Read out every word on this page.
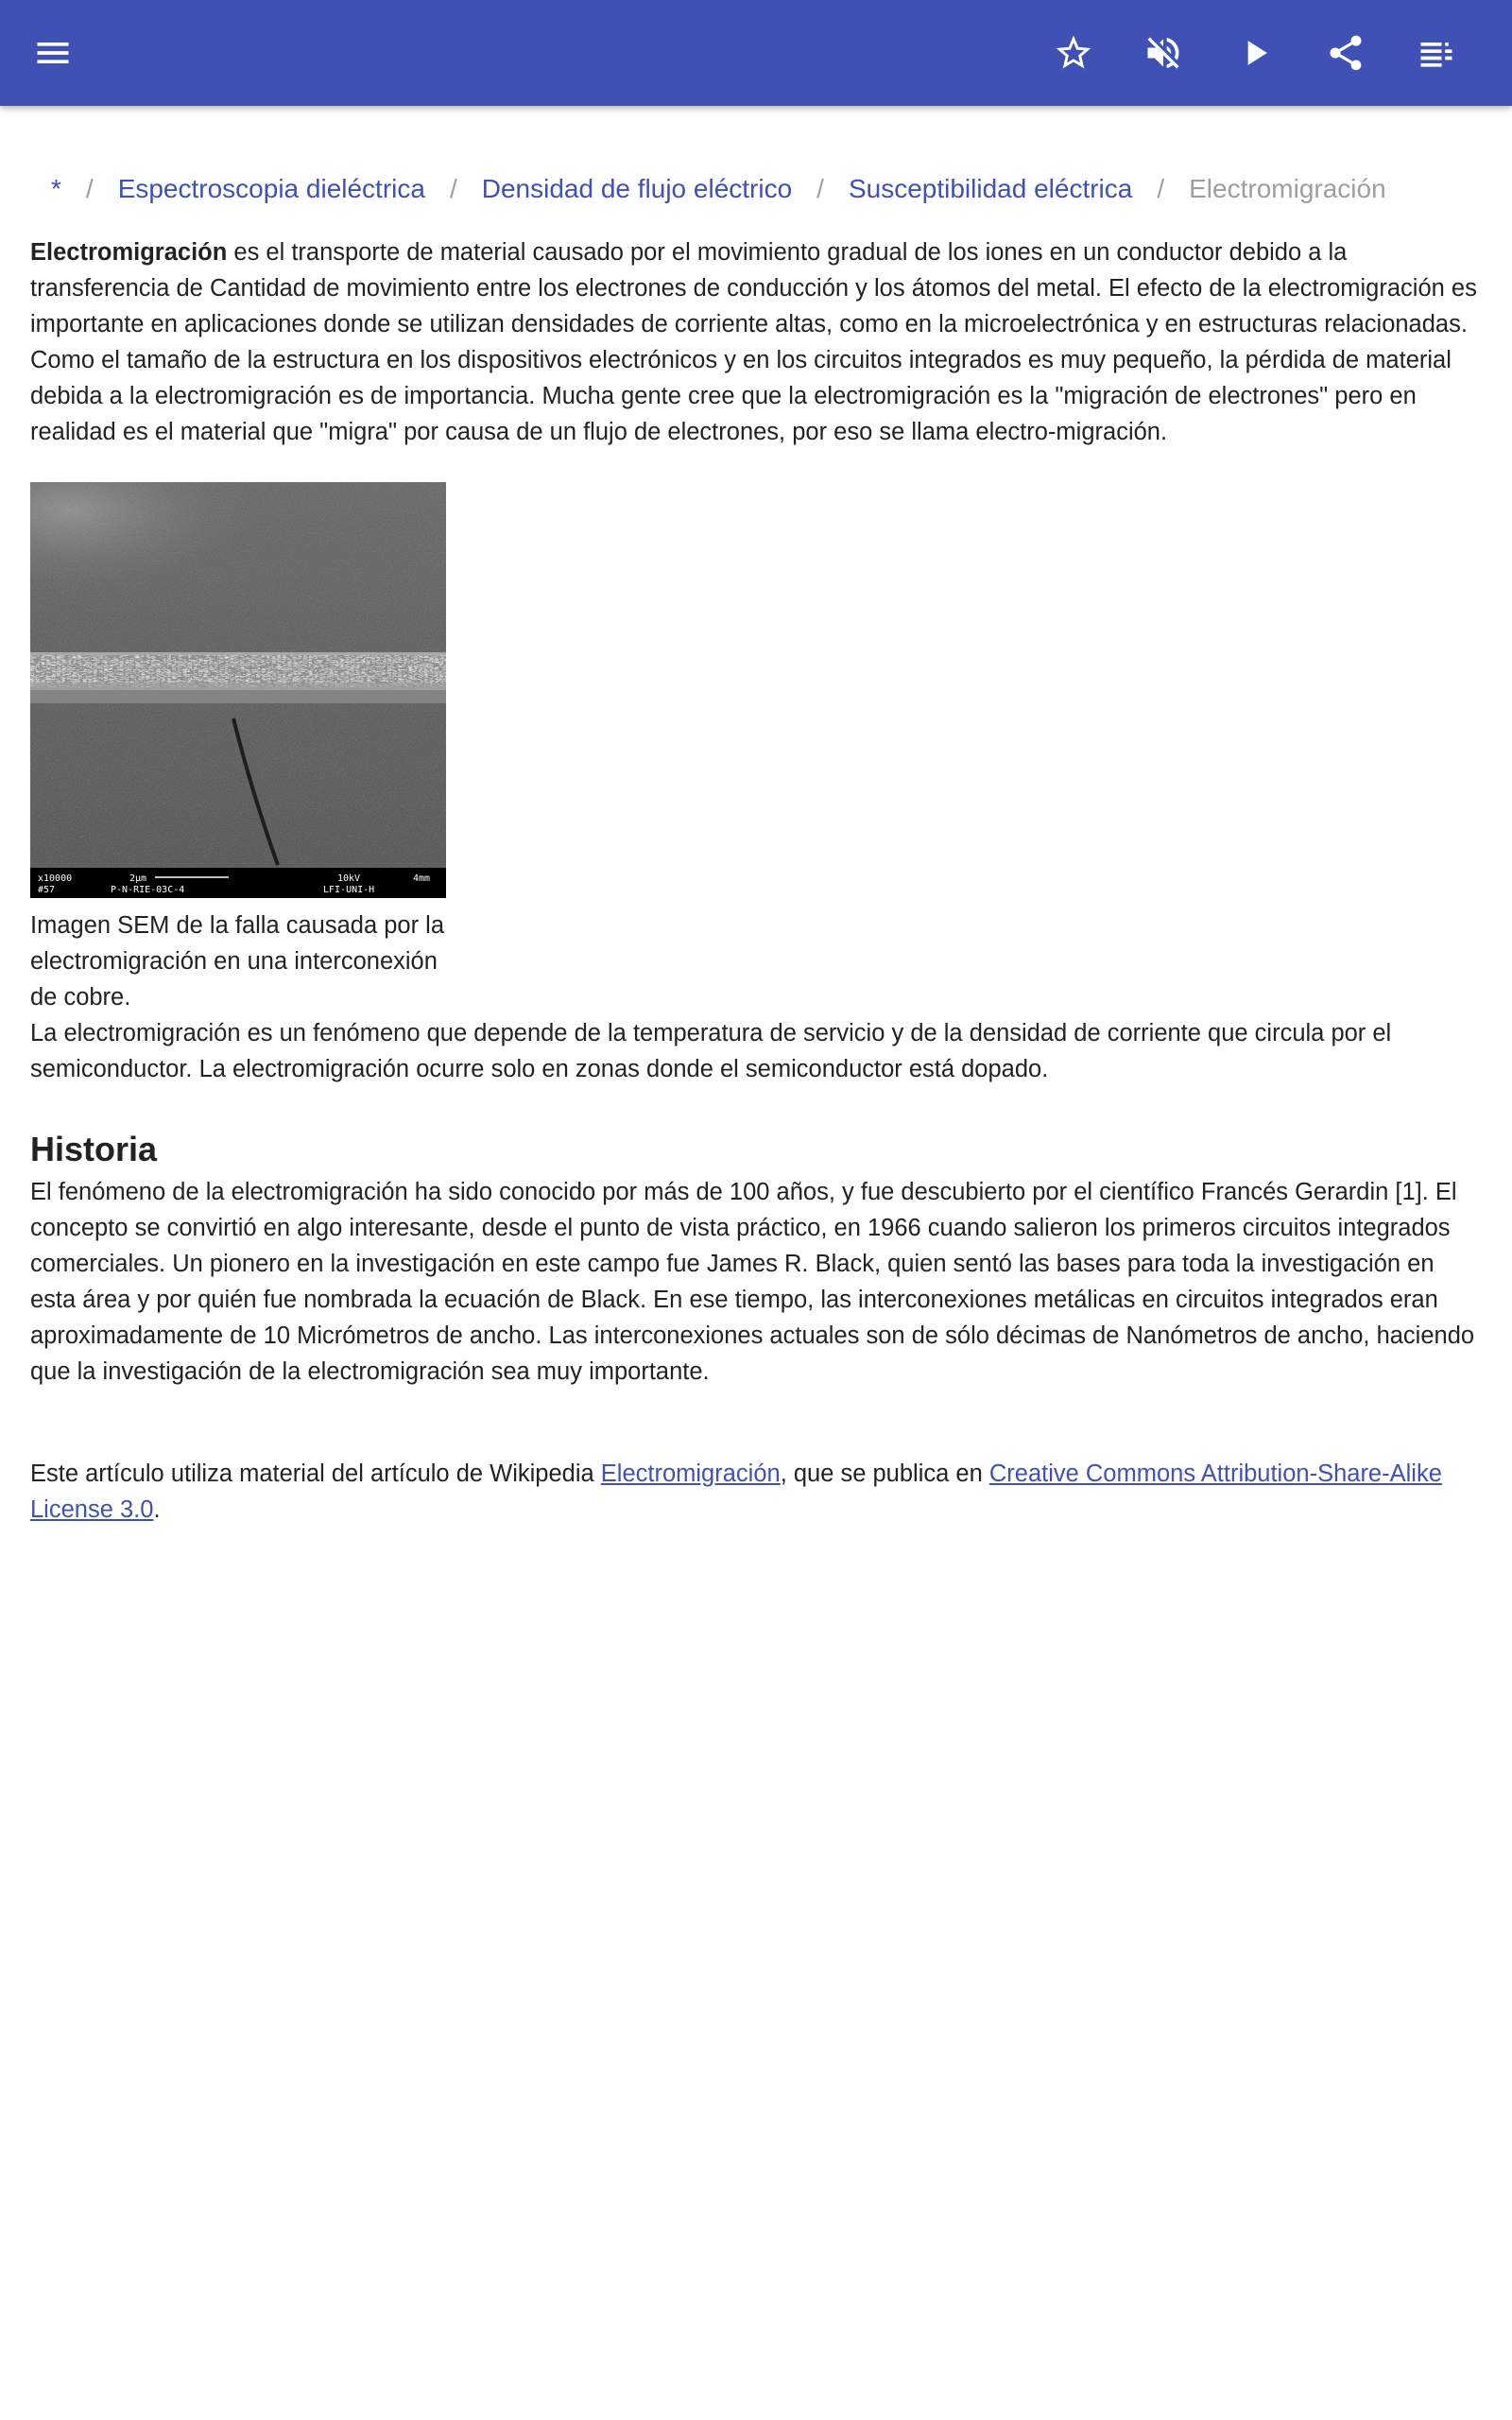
* / Espectroscopia dieléctrica / Densidad de flujo eléctrico / Susceptibilidad eléctrica / Electromigración

Electromigración es el transporte de material causado por el movimiento gradual de los iones en un conductor debido a la transferencia de Cantidad de movimiento entre los electrones de conducción y los átomos del metal. El efecto de la electromigración es importante en aplicaciones donde se utilizan densidades de corriente altas, como en la microelectrónica y en estructuras relacionadas. Como el tamaño de la estructura en los dispositivos electrónicos y en los circuitos integrados es muy pequeño, la pérdida de material debida a la electromigración es de importancia. Mucha gente cree que la electromigración es la "migración de electrones" pero en realidad es el material que "migra" por causa de un flujo de electrones, por eso se llama electro-migración.

x10000	2μm	10kV	4mm
#57	P-N-RIE-03C-4	LFI-UNI-H
Imagen SEM de la falla causada por la electromigración en una interconexión de cobre.

La electromigración es un fenómeno que depende de la temperatura de servicio y de la densidad de corriente que circula por el semiconductor. La electromigración ocurre solo en zonas donde el semiconductor está dopado.

Historia

El fenómeno de la electromigración ha sido conocido por más de 100 años, y fue descubierto por el científico Francés Gerardin [1]. El concepto se convirtió en algo interesante, desde el punto de vista práctico, en 1966 cuando salieron los primeros circuitos integrados comerciales. Un pionero en la investigación en este campo fue James R. Black, quien sentó las bases para toda la investigación en esta área y por quién fue nombrada la ecuación de Black. En ese tiempo, las interconexiones metálicas en circuitos integrados eran aproximadamente de 10 Micrómetros de ancho. Las interconexiones actuales son de sólo décimas de Nanómetros de ancho, haciendo que la investigación de la electromigración sea muy importante.

Este artículo utiliza material del artículo de Wikipedia Electromigración, que se publica en Creative Commons Attribution-Share-Alike License 3.0.
